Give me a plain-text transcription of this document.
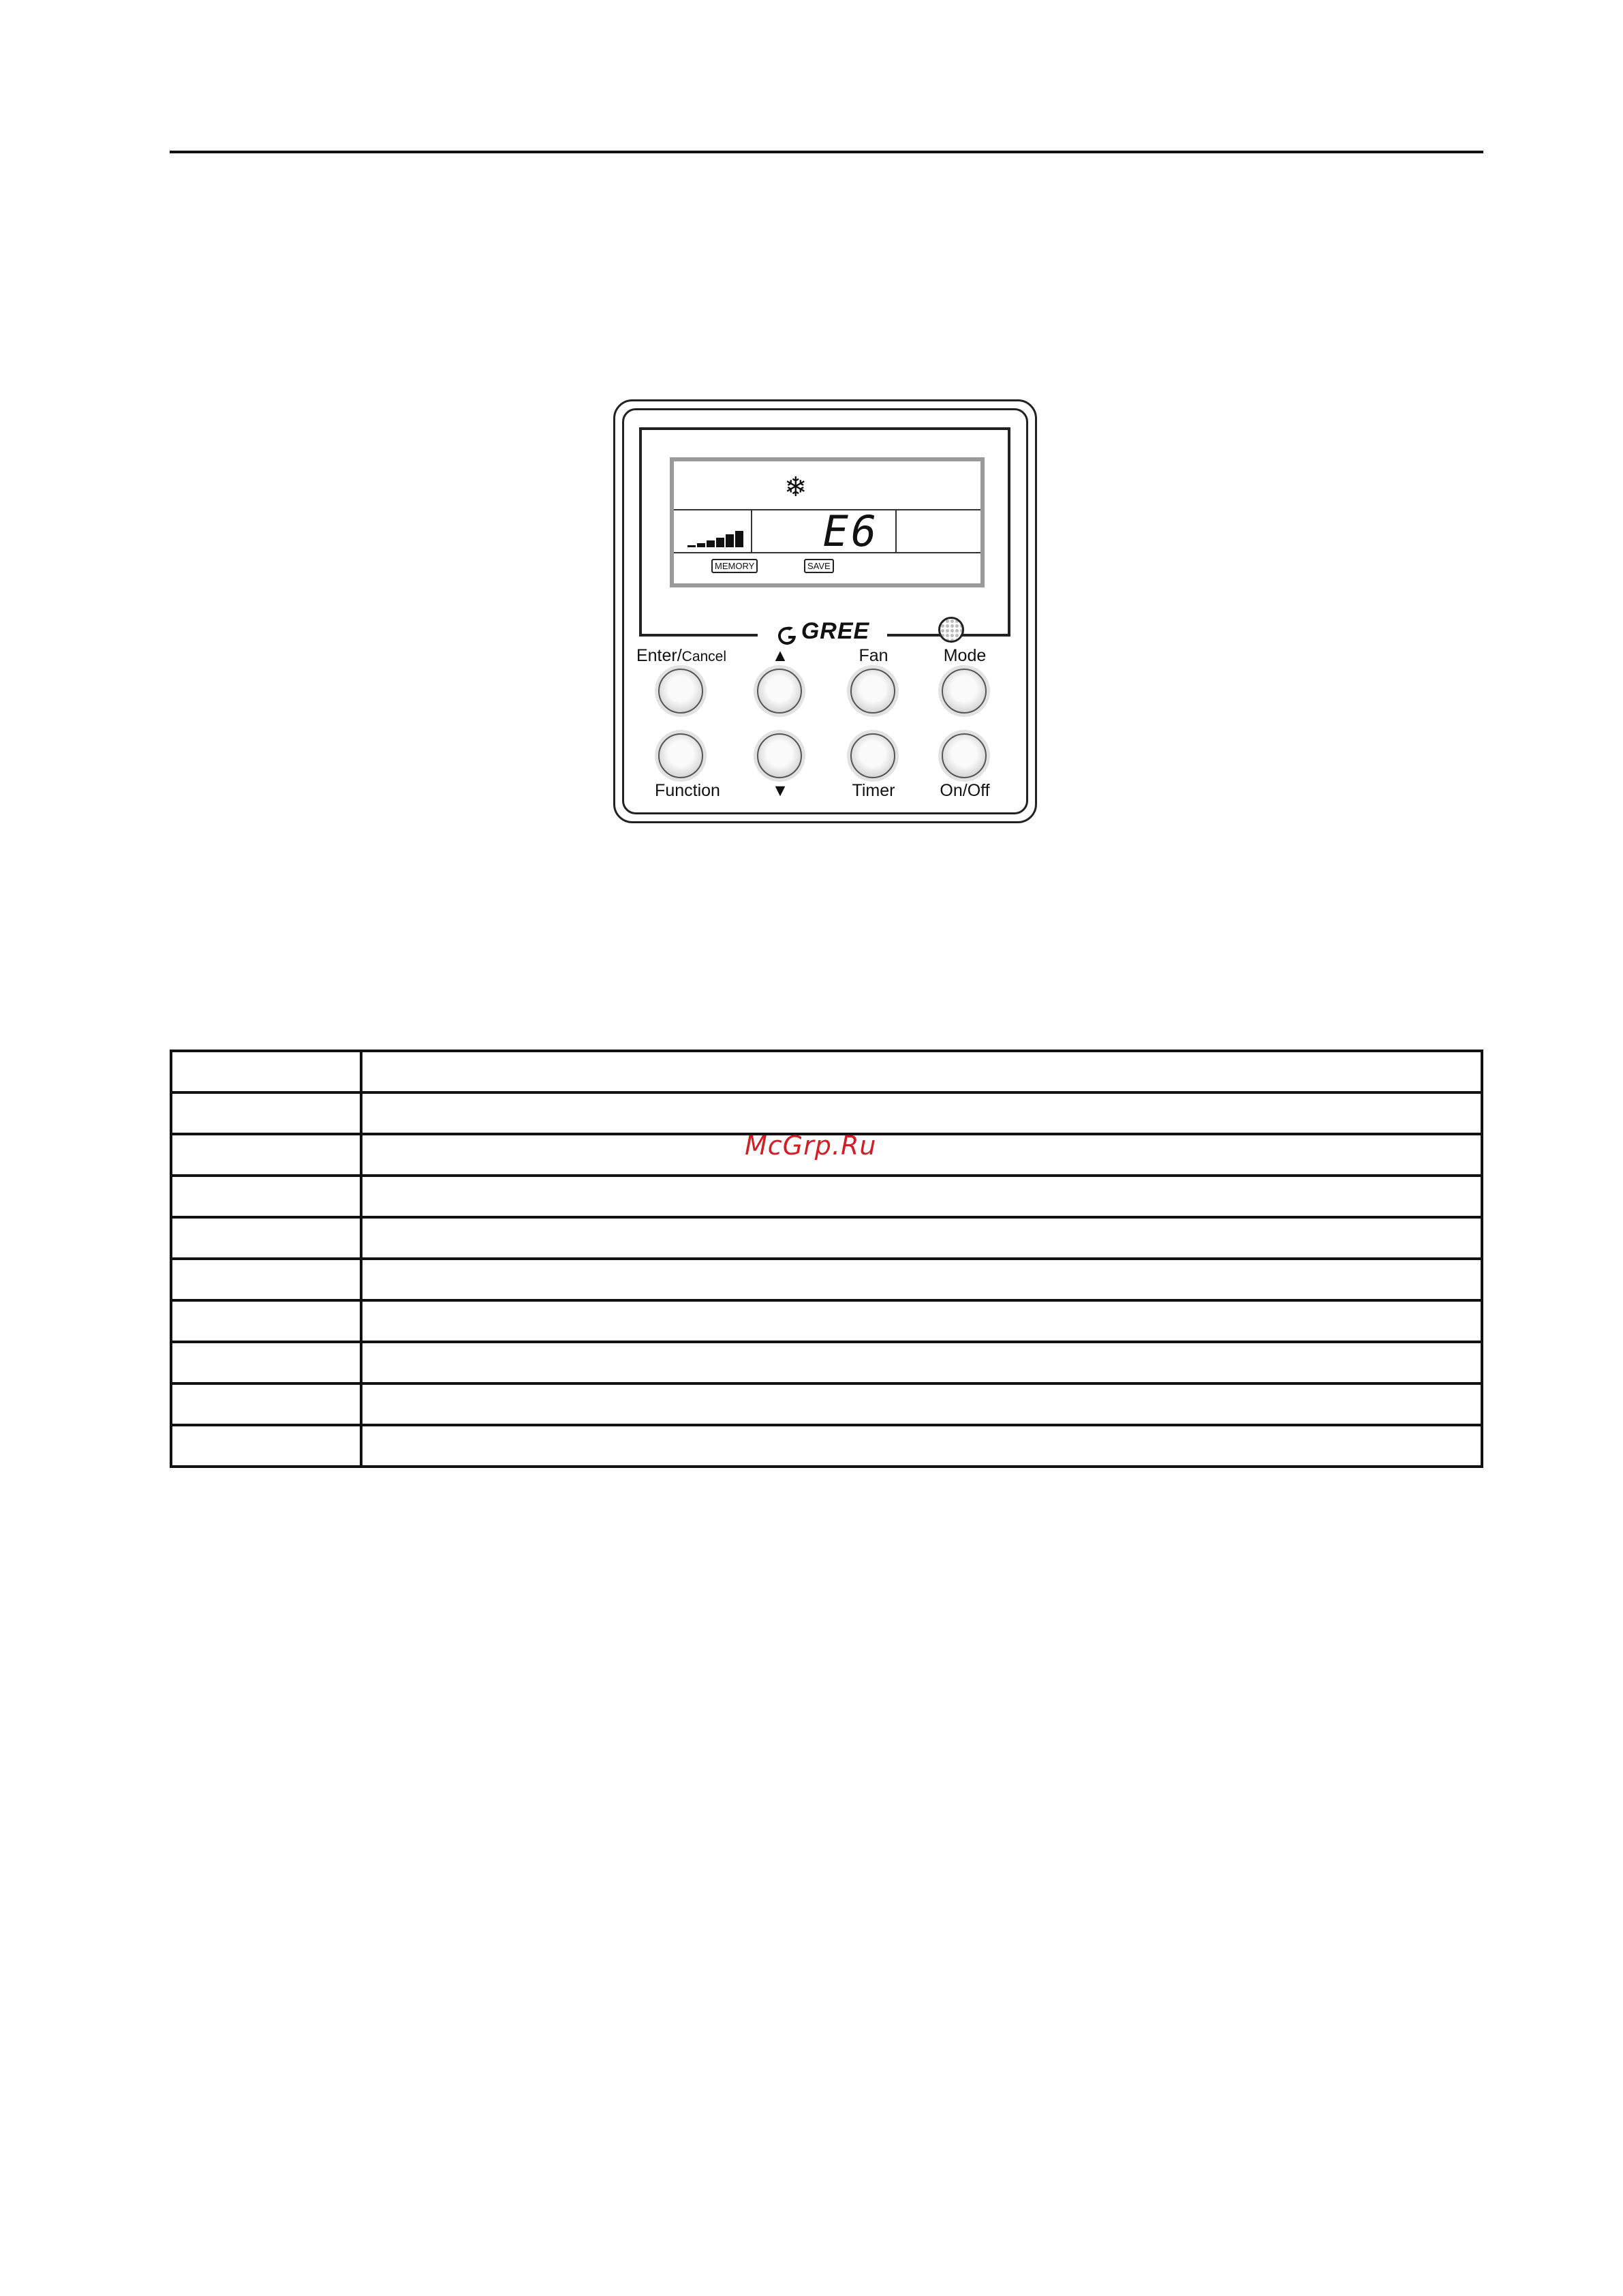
❄
E6
MEMORY	SAVE
GREE
Enter/Cancel	▲	Fan	Mode
Function	▼	Timer	On/Off

McGrp.Ru
